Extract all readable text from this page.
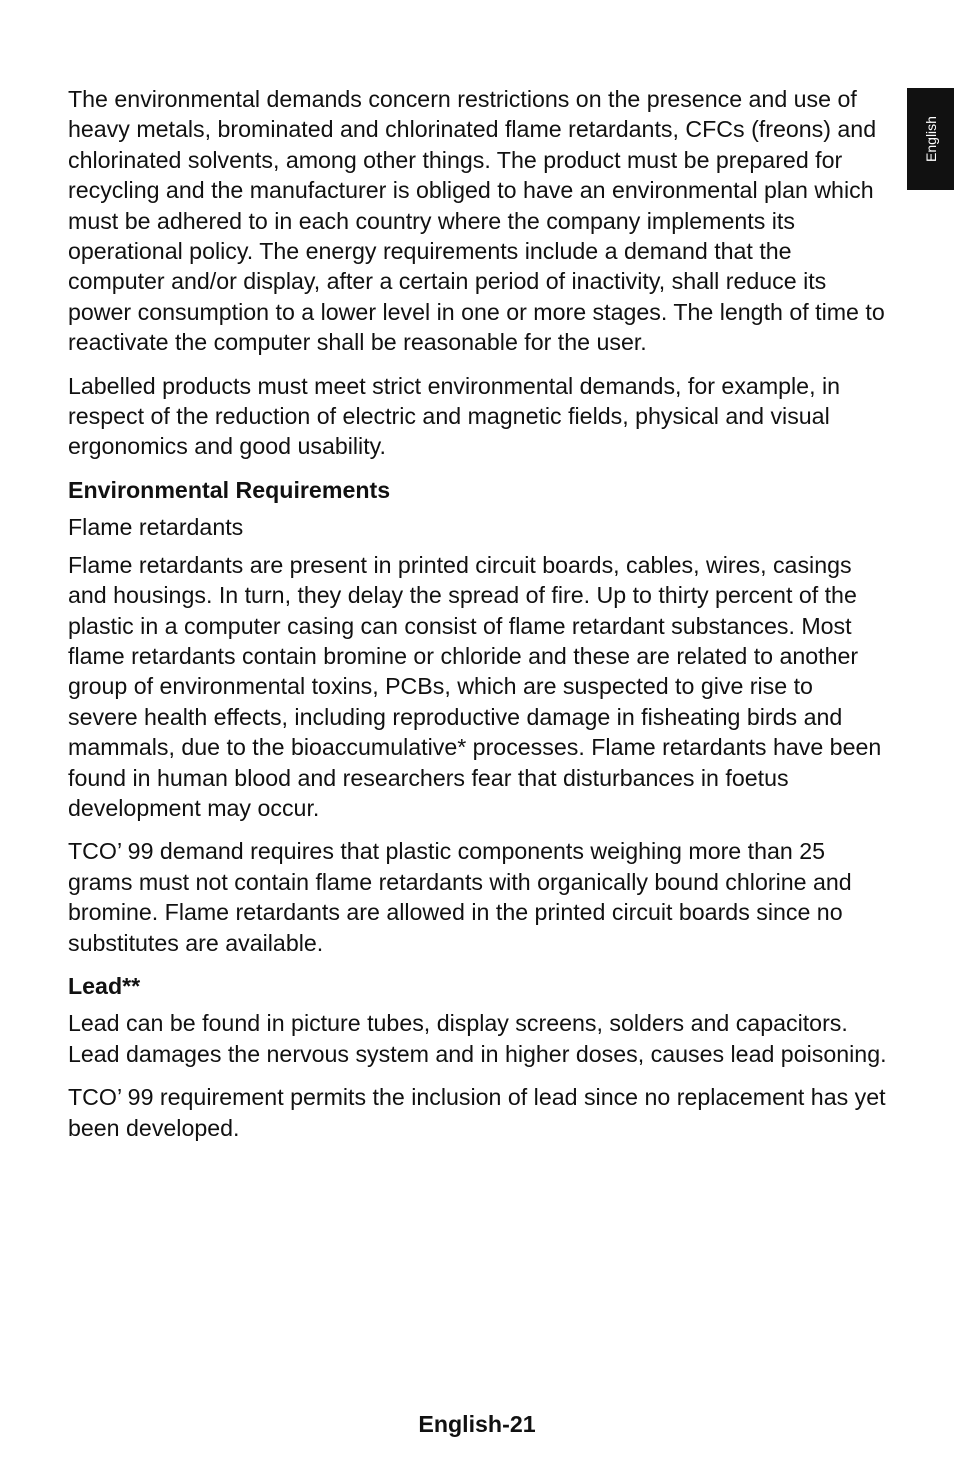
English

The environmental demands concern restrictions on the presence and use of heavy metals, brominated and chlorinated flame retardants, CFCs (freons) and chlorinated solvents, among other things. The product must be prepared for recycling and the manufacturer is obliged to have an environmental plan which must be adhered to in each country where the company implements its operational policy. The energy requirements include a demand that the computer and/or display, after a certain period of inactivity, shall reduce its power consumption to a lower level in one or more stages. The length of time to reactivate the computer shall be reasonable for the user.

Labelled products must meet strict environmental demands, for example, in respect of the reduction of electric and magnetic fields, physical and visual ergonomics and good usability.

Environmental Requirements

Flame retardants

Flame retardants are present in printed circuit boards, cables, wires, casings and housings. In turn, they delay the spread of fire. Up to thirty percent of the plastic in a computer casing can consist of flame retardant substances. Most flame retardants contain bromine or chloride and these are related to another group of environmental toxins, PCBs, which are suspected to give rise to severe health effects, including reproductive damage in fisheating birds and mammals, due to the bioaccumulative* processes. Flame retardants have been found in human blood and researchers fear that disturbances in foetus development may occur.

TCO’ 99 demand requires that plastic components weighing more than 25 grams must not contain flame retardants with organically bound chlorine and bromine. Flame retardants are allowed in the printed circuit boards since no substitutes are available.

Lead**

Lead can be found in picture tubes, display screens, solders and capacitors. Lead damages the nervous system and in higher doses, causes lead poisoning.

TCO’ 99 requirement permits the inclusion of lead since no replacement has yet been developed.

English-21
